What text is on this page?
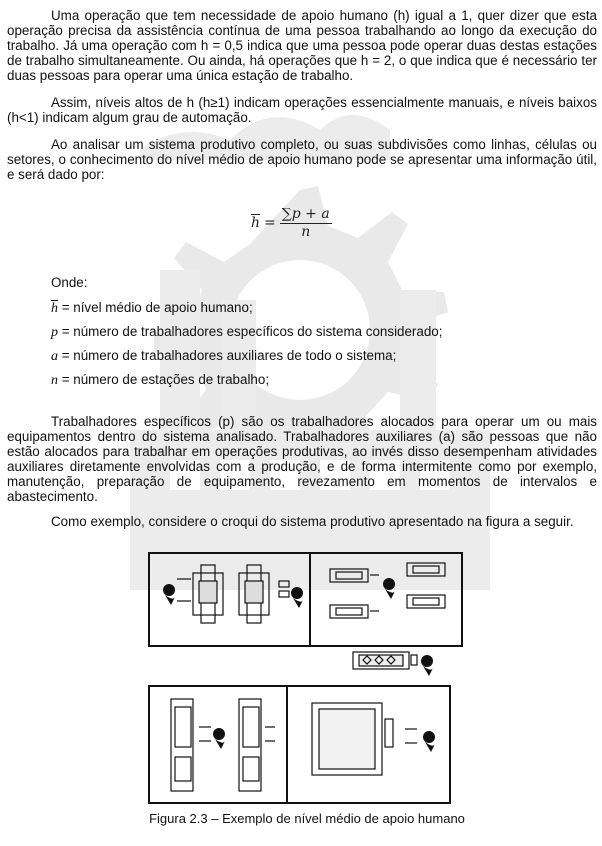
Uma operação que tem necessidade de apoio humano (h) igual a 1, quer dizer que esta operação precisa da assistência contínua de uma pessoa trabalhando ao longo da execução do trabalho. Já uma operação com h = 0,5 indica que uma pessoa pode operar duas destas estações de trabalho simultaneamente. Ou ainda, há operações que h = 2, o que indica que é necessário ter duas pessoas para operar uma única estação de trabalho.

Assim, níveis altos de h (h≥1) indicam operações essencialmente manuais, e níveis baixos (h<1) indicam algum grau de automação.

Ao analisar um sistema produtivo completo, ou suas subdivisões como linhas, células ou setores, o conhecimento do nível médio de apoio humano pode se apresentar uma informação útil, e será dado por:

$\overline{h} = \frac{\sum p + a}{n}$

Onde:

$\overline{h}$ = nível médio de apoio humano;

p = número de trabalhadores específicos do sistema considerado;

a = número de trabalhadores auxiliares de todo o sistema;

n = número de estações de trabalho;

Trabalhadores específicos (p) são os trabalhadores alocados para operar um ou mais equipamentos dentro do sistema analisado. Trabalhadores auxiliares (a) são pessoas que não estão alocados para trabalhar em operações produtivas, ao invés disso desempenham atividades auxiliares diretamente envolvidas com a produção, e de forma intermitente como por exemplo, manutenção, preparação de equipamento, revezamento em momentos de intervalos e abastecimento.

Como exemplo, considere o croqui do sistema produtivo apresentado na figura a seguir.

Figura 2.3 – Exemplo de nível médio de apoio humano
